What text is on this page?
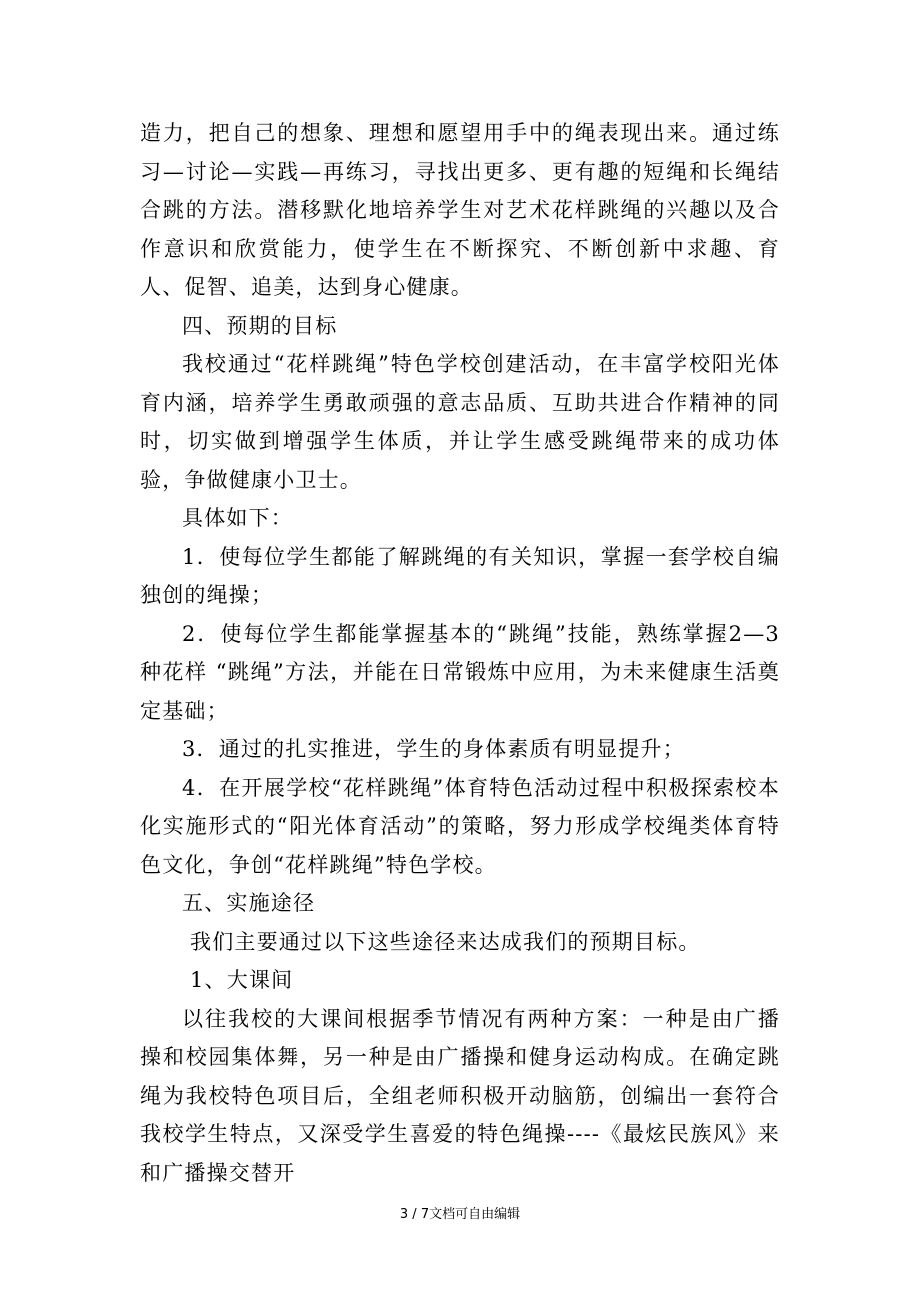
造力，把自己的想象、理想和愿望用手中的绳表现出来。通过练习—讨论—实践—再练习，寻找出更多、更有趣的短绳和长绳结合跳的方法。潜移默化地培养学生对艺术花样跳绳的兴趣以及合作意识和欣赏能力，使学生在不断探究、不断创新中求趣、育人、促智、追美，达到身心健康。

四、预期的目标

我校通过“花样跳绳”特色学校创建活动，在丰富学校阳光体育内涵，培养学生勇敢顽强的意志品质、互助共进合作精神的同时，切实做到增强学生体质，并让学生感受跳绳带来的成功体验，争做健康小卫士。

具体如下：

1．使每位学生都能了解跳绳的有关知识，掌握一套学校自编独创的绳操；

2．使每位学生都能掌握基本的“跳绳”技能，熟练掌握2—3种花样 “跳绳”方法，并能在日常锻炼中应用，为未来健康生活奠定基础；

3．通过的扎实推进，学生的身体素质有明显提升；

4．在开展学校“花样跳绳”体育特色活动过程中积极探索校本化实施形式的“阳光体育活动”的策略，努力形成学校绳类体育特色文化，争创“花样跳绳”特色学校。

五、实施途径

我们主要通过以下这些途径来达成我们的预期目标。

1、大课间

以往我校的大课间根据季节情况有两种方案：一种是由广播操和校园集体舞，另一种是由广播操和健身运动构成。在确定跳绳为我校特色项目后，全组老师积极开动脑筋，创编出一套符合我校学生特点，又深受学生喜爱的特色绳操----《最炫民族风》来和广播操交替开

3 / 7文档可自由编辑
